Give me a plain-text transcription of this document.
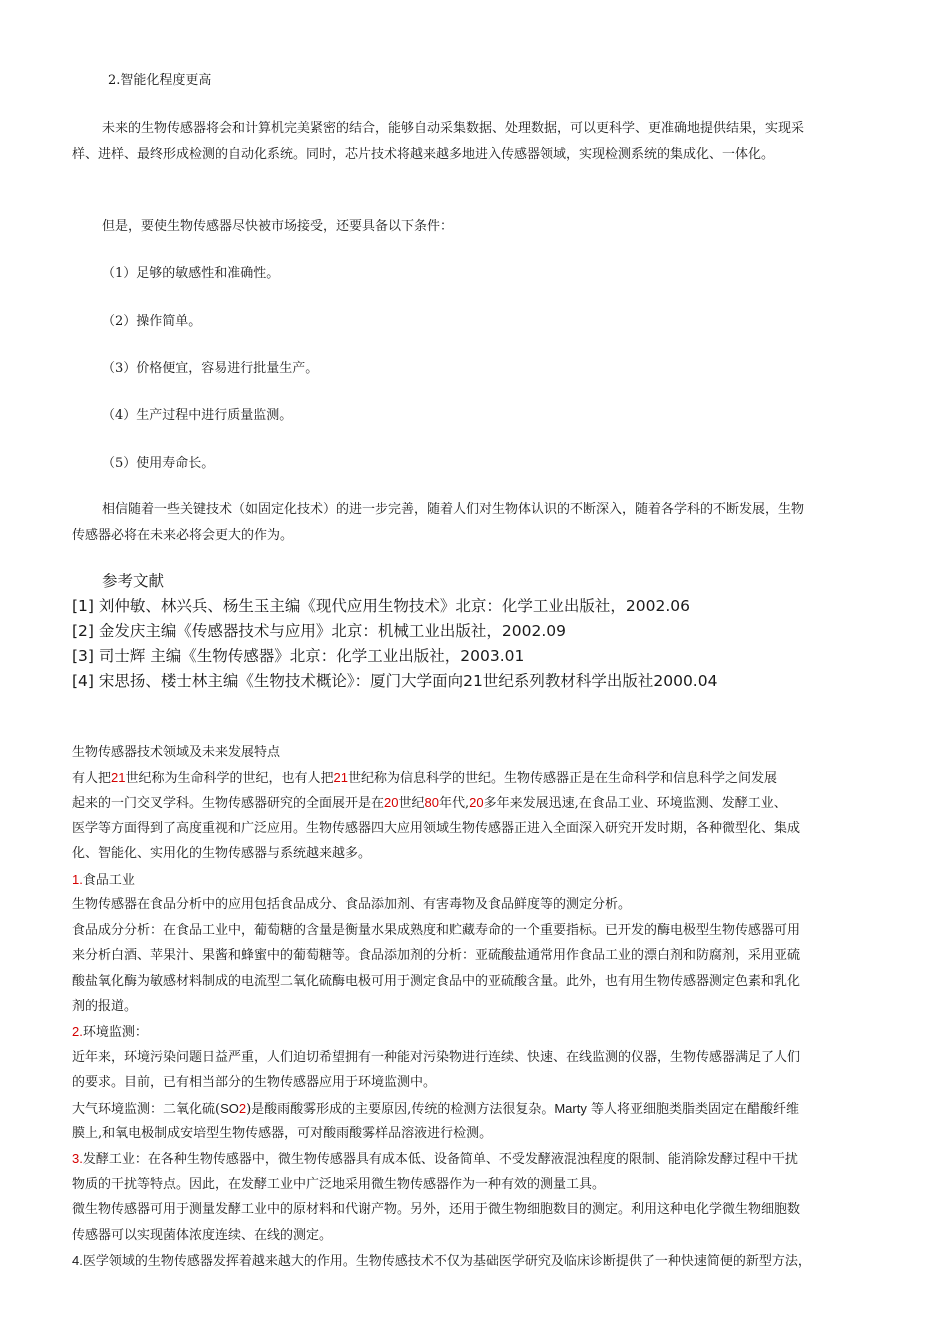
2.智能化程度更高
未来的生物传感器将会和计算机完美紧密的结合，能够自动采集数据、处理数据，可以更科学、更准确地提供结果，实现采
样、进样、最终形成检测的自动化系统。同时，芯片技术将越来越多地进入传感器领域，实现检测系统的集成化、一体化。
但是，要使生物传感器尽快被市场接受，还要具备以下条件：
（1）足够的敏感性和准确性。
（2）操作简单。
（3）价格便宜，容易进行批量生产。
（4）生产过程中进行质量监测。
（5）使用寿命长。
相信随着一些关键技术（如固定化技术）的进一步完善，随着人们对生物体认识的不断深入，随着各学科的不断发展，生物
传感器必将在未来必将会更大的作为。
参考文献
[1] 刘仲敏、林兴兵、杨生玉主编《现代应用生物技术》北京：化学工业出版社，2002.06
[2] 金发庆主编《传感器技术与应用》北京：机械工业出版社，2002.09
[3] 司士辉 主编《生物传感器》北京：化学工业出版社，2003.01
[4] 宋思扬、楼士林主编《生物技术概论》：厦门大学面向21世纪系列教材科学出版社2000.04
生物传感器技术领域及未来发展特点
有人把21世纪称为生命科学的世纪，也有人把21世纪称为信息科学的世纪。生物传感器正是在生命科学和信息科学之间发展
起来的一门交叉学科。生物传感器研究的全面展开是在20世纪80年代,20多年来发展迅速,在食品工业、环境监测、发酵工业、
医学等方面得到了高度重视和广泛应用。生物传感器四大应用领域生物传感器正进入全面深入研究开发时期，各种微型化、集成
化、智能化、实用化的生物传感器与系统越来越多。
1.食品工业
生物传感器在食品分析中的应用包括食品成分、食品添加剂、有害毒物及食品鲜度等的测定分析。
食品成分分析：在食品工业中，葡萄糖的含量是衡量水果成熟度和贮藏寿命的一个重要指标。已开发的酶电极型生物传感器可用
来分析白酒、苹果汁、果酱和蜂蜜中的葡萄糖等。食品添加剂的分析：亚硫酸盐通常用作食品工业的漂白剂和防腐剂，采用亚硫
酸盐氧化酶为敏感材料制成的电流型二氧化硫酶电极可用于测定食品中的亚硫酸含量。此外，也有用生物传感器测定色素和乳化
剂的报道。
2.环境监测：
近年来，环境污染问题日益严重，人们迫切希望拥有一种能对污染物进行连续、快速、在线监测的仪器，生物传感器满足了人们
的要求。目前，已有相当部分的生物传感器应用于环境监测中。
大气环境监测：二氧化硫(SO2)是酸雨酸雾形成的主要原因,传统的检测方法很复杂。Marty 等人将亚细胞类脂类固定在醋酸纤维
膜上,和氧电极制成安培型生物传感器，可对酸雨酸雾样品溶液进行检测。
3.发酵工业：在各种生物传感器中，微生物传感器具有成本低、设备简单、不受发酵液混浊程度的限制、能消除发酵过程中干扰
物质的干扰等特点。因此，在发酵工业中广泛地采用微生物传感器作为一种有效的测量工具。
微生物传感器可用于测量发酵工业中的原材料和代谢产物。另外，还用于微生物细胞数目的测定。利用这种电化学微生物细胞数
传感器可以实现菌体浓度连续、在线的测定。
4.医学领域的生物传感器发挥着越来越大的作用。生物传感技术不仅为基础医学研究及临床诊断提供了一种快速简便的新型方法，
